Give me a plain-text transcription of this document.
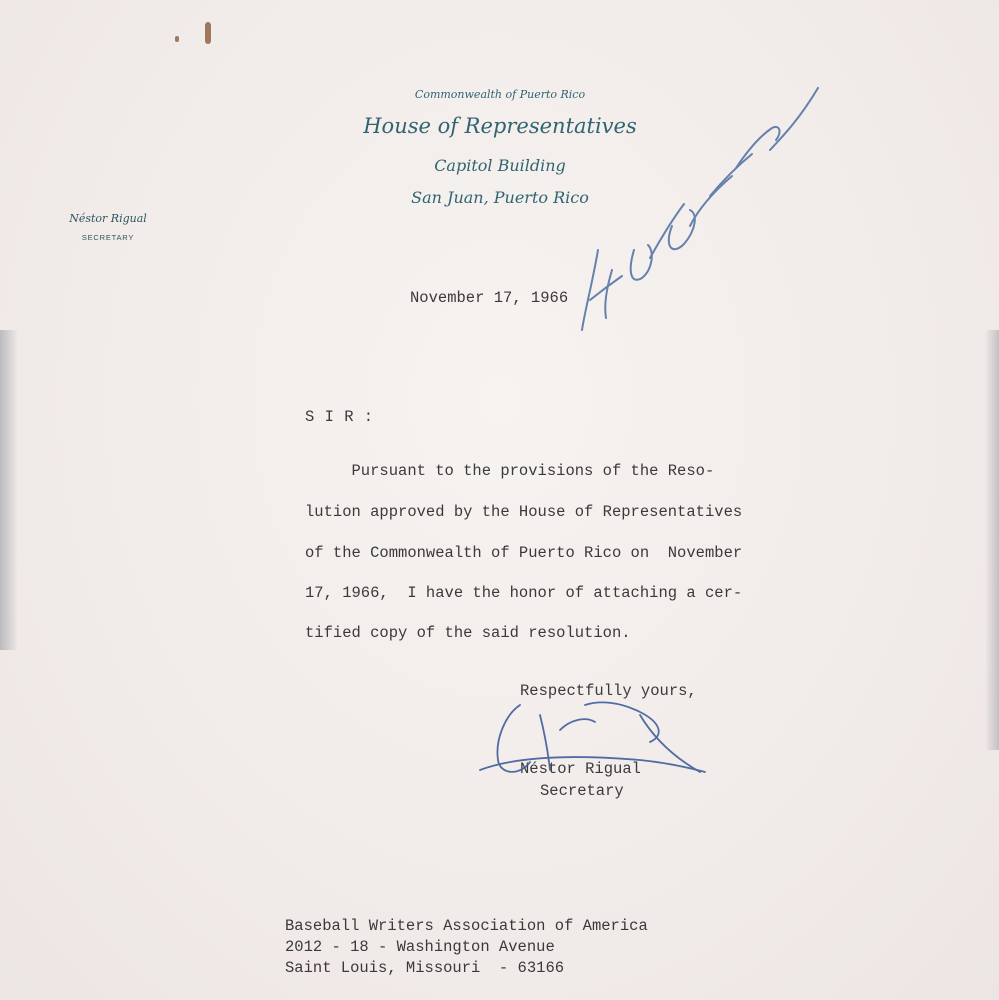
Commonwealth of Puerto Rico
House of Representatives
Capitol Building
San Juan, Puerto Rico
Néstor Rigual
SECRETARY
November 17, 1966
S I R :
Pursuant to the provisions of the Reso-
lution approved by the House of Representatives
of the Commonwealth of Puerto Rico on  November
17, 1966,  I have the honor of attaching a cer-
tified copy of the said resolution.
Respectfully yours,
Néstor Rigual
Secretary
Baseball Writers Association of America
2012 - 18 - Washington Avenue
Saint Louis, Missouri  - 63166
